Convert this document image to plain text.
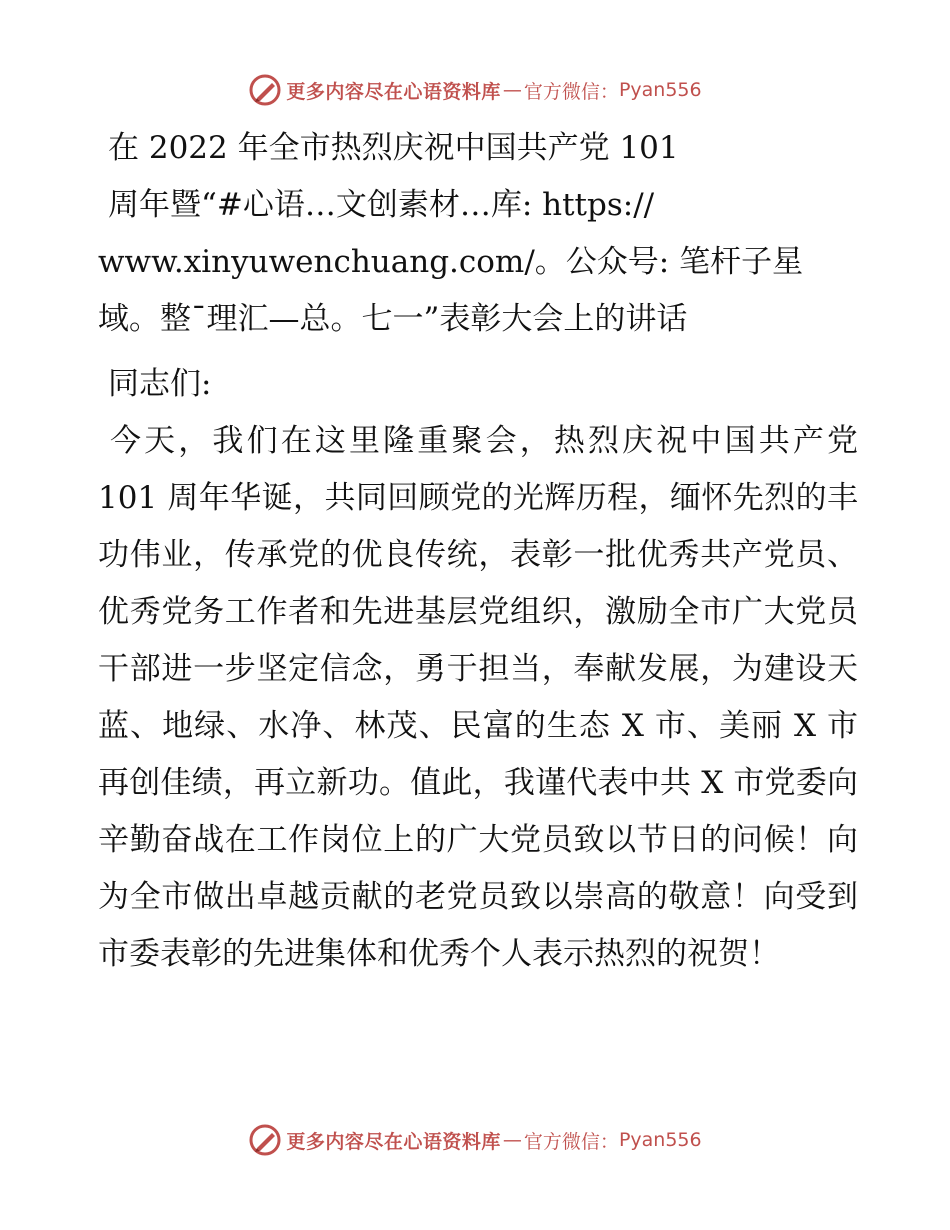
更多内容尽在心语资料库 — 官方微信： Pyan556

在 2022 年全市热烈庆祝中国共产党 101

周年暨“#心语…文创素材…库: https://

www.xinyuwenchuang.com/。公众号: 笔杆子星

域。整¯理汇—总。七一”表彰大会上的讲话

同志们:

今天，我们在这里隆重聚会，热烈庆祝中国共产党 101 周年华诞，共同回顾党的光辉历程，缅怀先烈的丰功伟业，传承党的优良传统，表彰一批优秀共产党员、优秀党务工作者和先进基层党组织，激励全市广大党员干部进一步坚定信念，勇于担当，奉献发展，为建设天蓝、地绿、水净、林茂、民富的生态 X 市、美丽 X 市再创佳绩，再立新功。值此，我谨代表中共 X 市党委向辛勤奋战在工作岗位上的广大党员致以节日的问候！向为全市做出卓越贡献的老党员致以崇高的敬意！向受到市委表彰的先进集体和优秀个人表示热烈的祝贺！

更多内容尽在心语资料库 — 官方微信： Pyan556
